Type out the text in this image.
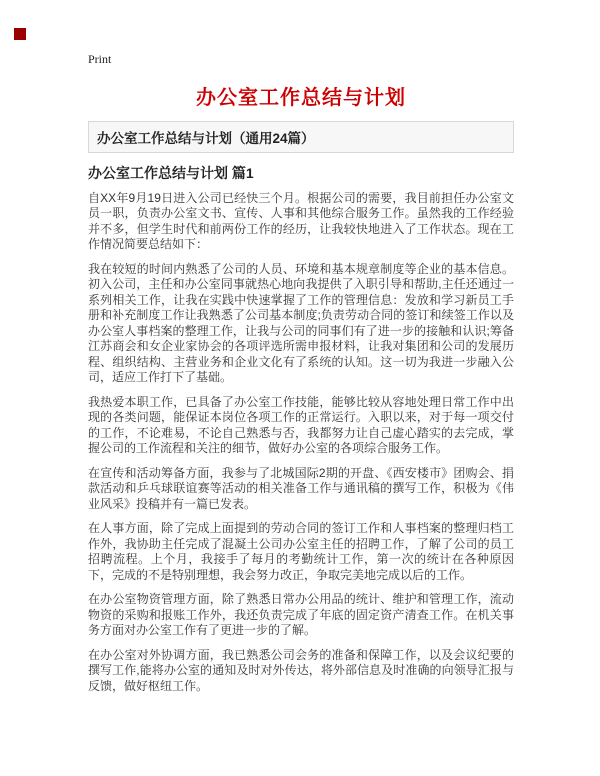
Print
办公室工作总结与计划
办公室工作总结与计划（通用24篇）
办公室工作总结与计划 篇1

自XX年9月19日进入公司已经快三个月。根据公司的需要，我目前担任办公室文员一职，负责办公室文书、宣传、人事和其他综合服务工作。虽然我的工作经验并不多，但学生时代和前两份工作的经历，让我较快地进入了工作状态。现在工作情况简要总结如下：

我在较短的时间内熟悉了公司的人员、环境和基本规章制度等企业的基本信息。初入公司，主任和办公室同事就热心地向我提供了入职引导和帮助,主任还通过一系列相关工作，让我在实践中快速掌握了工作的管理信息：发放和学习新员工手册和补充制度工作让我熟悉了公司基本制度;负责劳动合同的签订和续签工作以及办公室人事档案的整理工作，让我与公司的同事们有了进一步的接触和认识;筹备江苏商会和女企业家协会的各项评选所需申报材料，让我对集团和公司的发展历程、组织结构、主营业务和企业文化有了系统的认知。这一切为我进一步融入公司，适应工作打下了基础。

我热爱本职工作，已具备了办公室工作技能，能够比较从容地处理日常工作中出现的各类问题，能保证本岗位各项工作的正常运行。入职以来，对于每一项交付的工作，不论难易，不论自己熟悉与否，我都努力让自己虚心踏实的去完成，掌握公司的工作流程和关注的细节，做好办公室的各项综合服务工作。

在宣传和活动筹备方面，我参与了北城国际2期的开盘、《西安楼市》团购会、捐款活动和乒乓球联谊赛等活动的相关准备工作与通讯稿的撰写工作，积极为《伟业风采》投稿并有一篇已发表。

在人事方面，除了完成上面提到的劳动合同的签订工作和人事档案的整理归档工作外，我协助主任完成了混凝土公司办公室主任的招聘工作，了解了公司的员工招聘流程。上个月，我接手了每月的考勤统计工作，第一次的统计在各种原因下，完成的不是特别理想，我会努力改正，争取完美地完成以后的工作。

在办公室物资管理方面，除了熟悉日常办公用品的统计、维护和管理工作，流动物资的采购和报账工作外，我还负责完成了年底的固定资产清查工作。在机关事务方面对办公室工作有了更进一步的了解。

在办公室对外协调方面，我已熟悉公司会务的准备和保障工作，以及会议纪要的撰写工作,能将办公室的通知及时对外传达，将外部信息及时准确的向领导汇报与反馈，做好枢纽工作。
